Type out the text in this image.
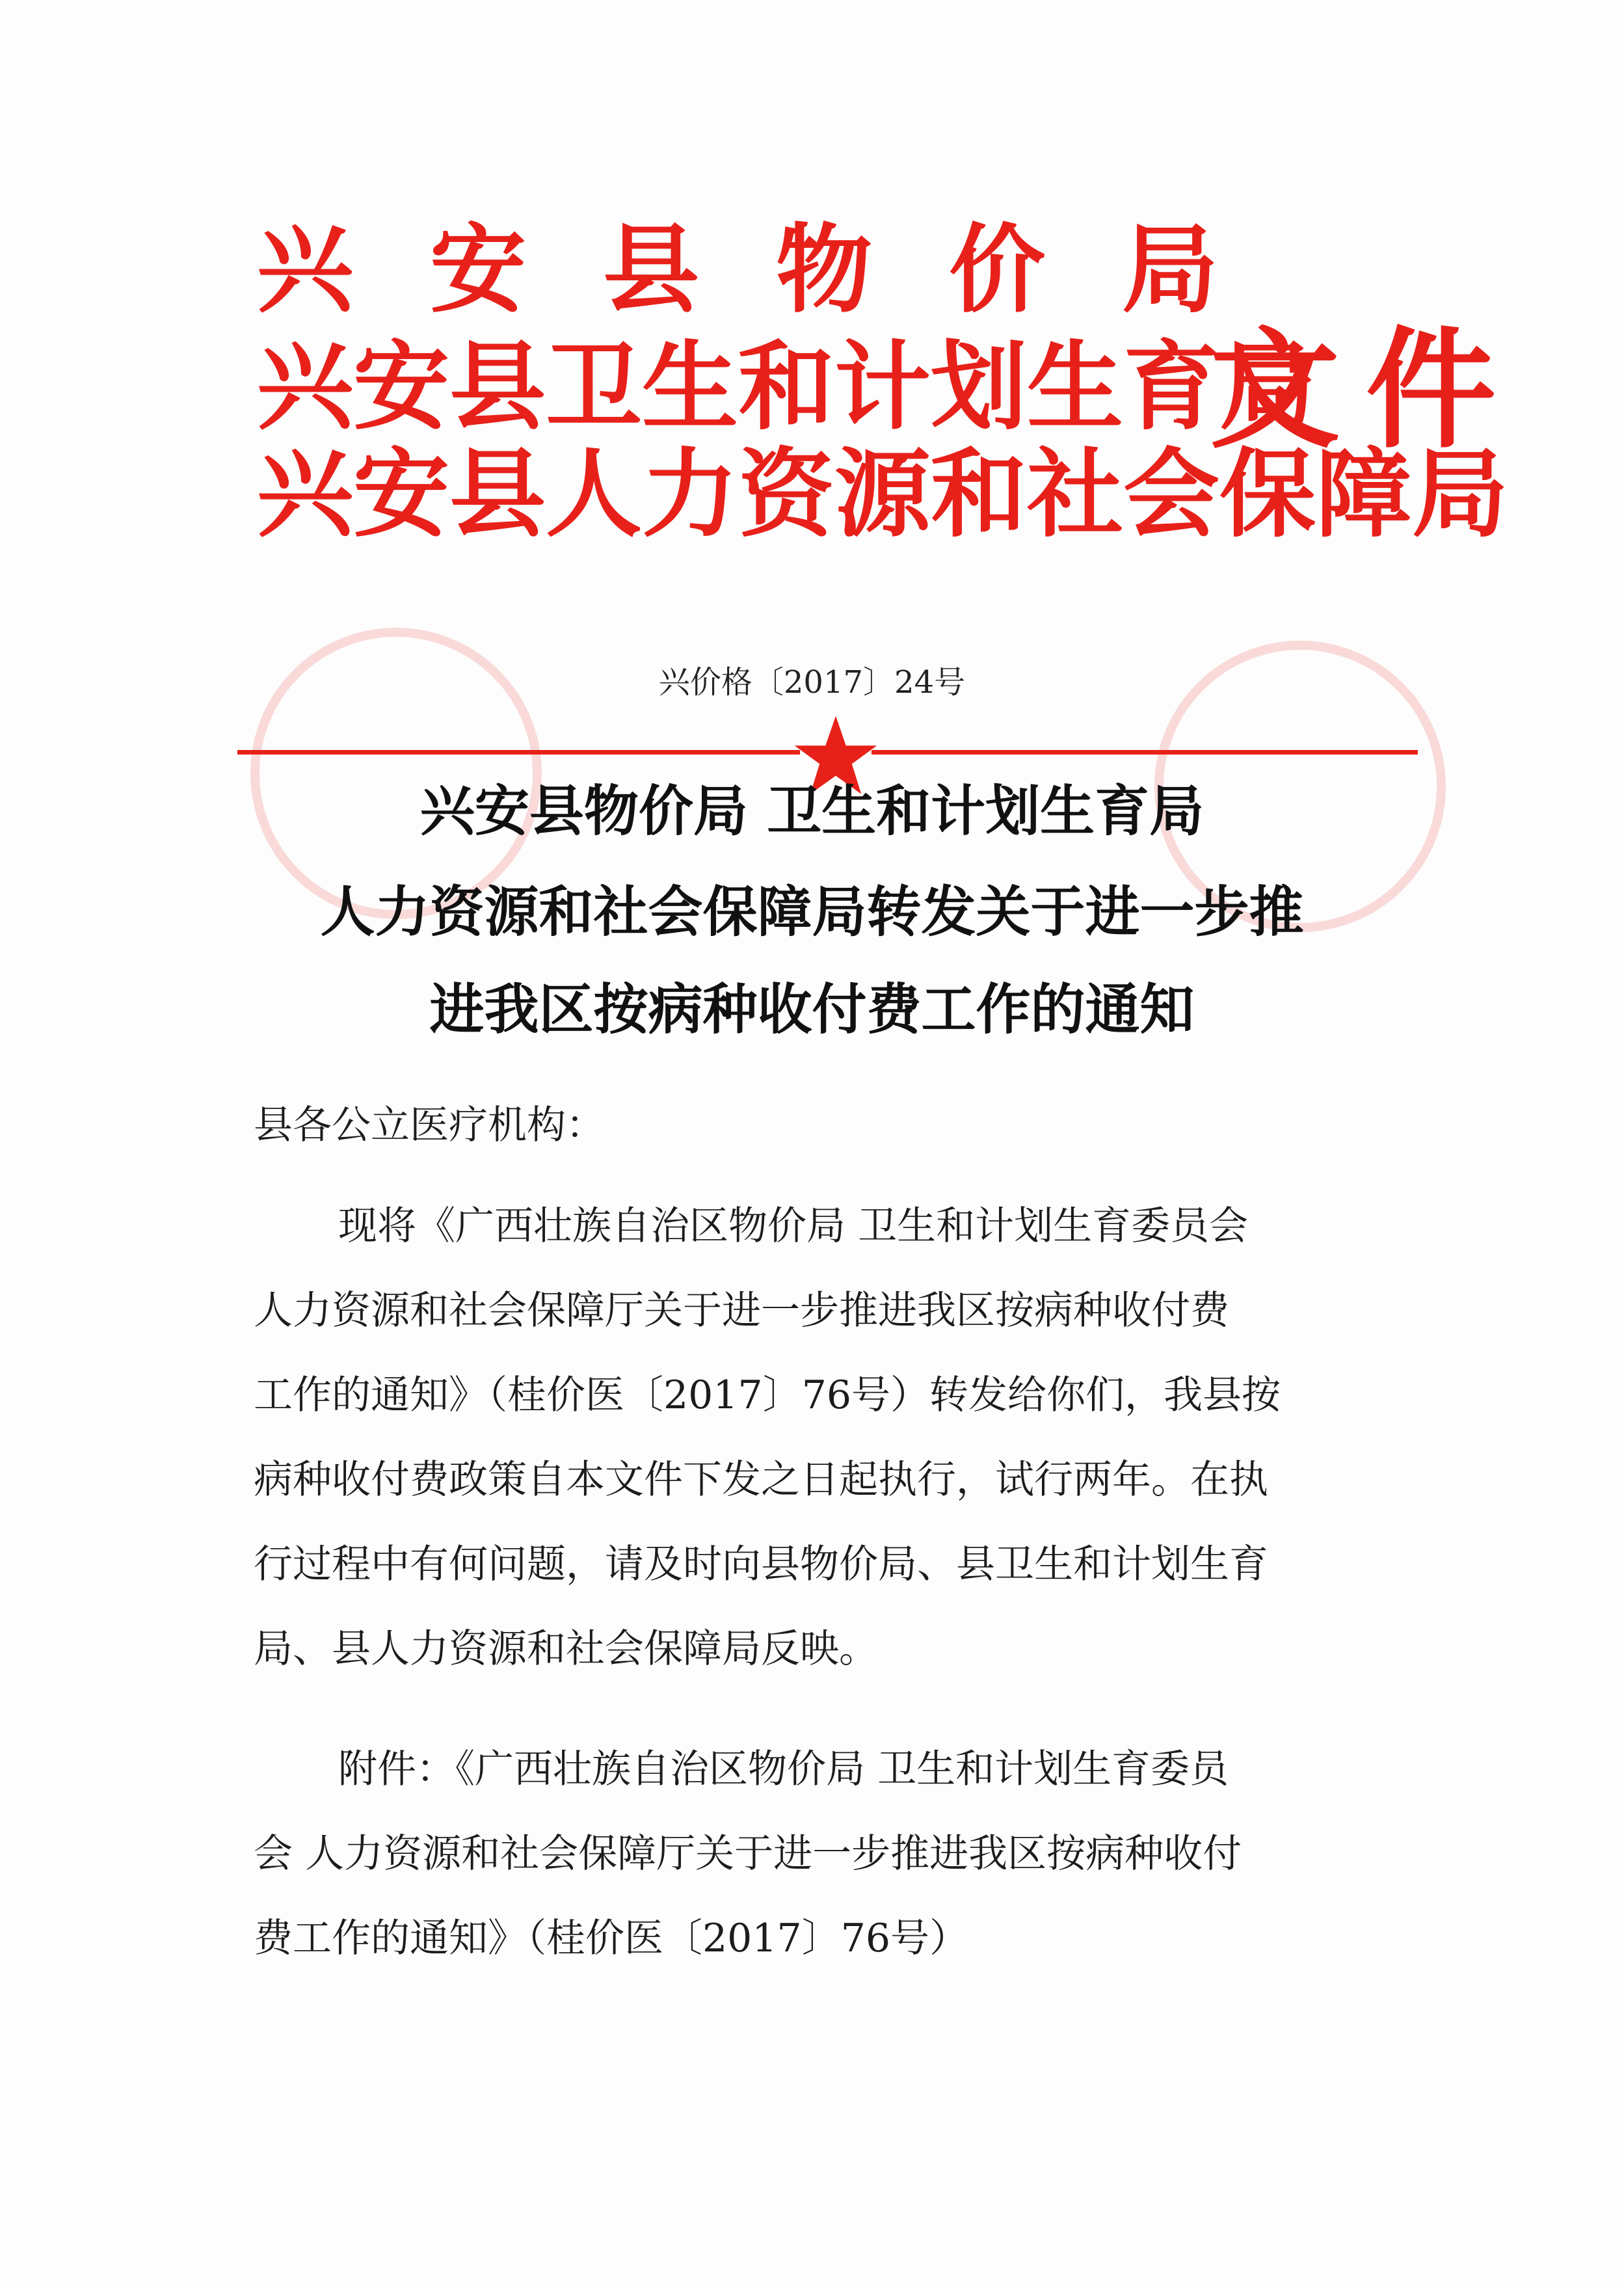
兴安县物价局
兴安县卫生和计划生育局
兴安县人力资源和社会保障局
文件
兴价格〔2017〕24号
兴安县物价局 卫生和计划生育局
人力资源和社会保障局转发关于进一步推
进我区按病种收付费工作的通知
县各公立医疗机构：
现将《广西壮族自治区物价局 卫生和计划生育委员会
人力资源和社会保障厅关于进一步推进我区按病种收付费
工作的通知》（桂价医〔2017〕76号）转发给你们，我县按
病种收付费政策自本文件下发之日起执行，试行两年。在执
行过程中有何问题，请及时向县物价局、县卫生和计划生育
局、县人力资源和社会保障局反映。
附件：《广西壮族自治区物价局 卫生和计划生育委员
会 人力资源和社会保障厅关于进一步推进我区按病种收付
费工作的通知》（桂价医〔2017〕76号）
